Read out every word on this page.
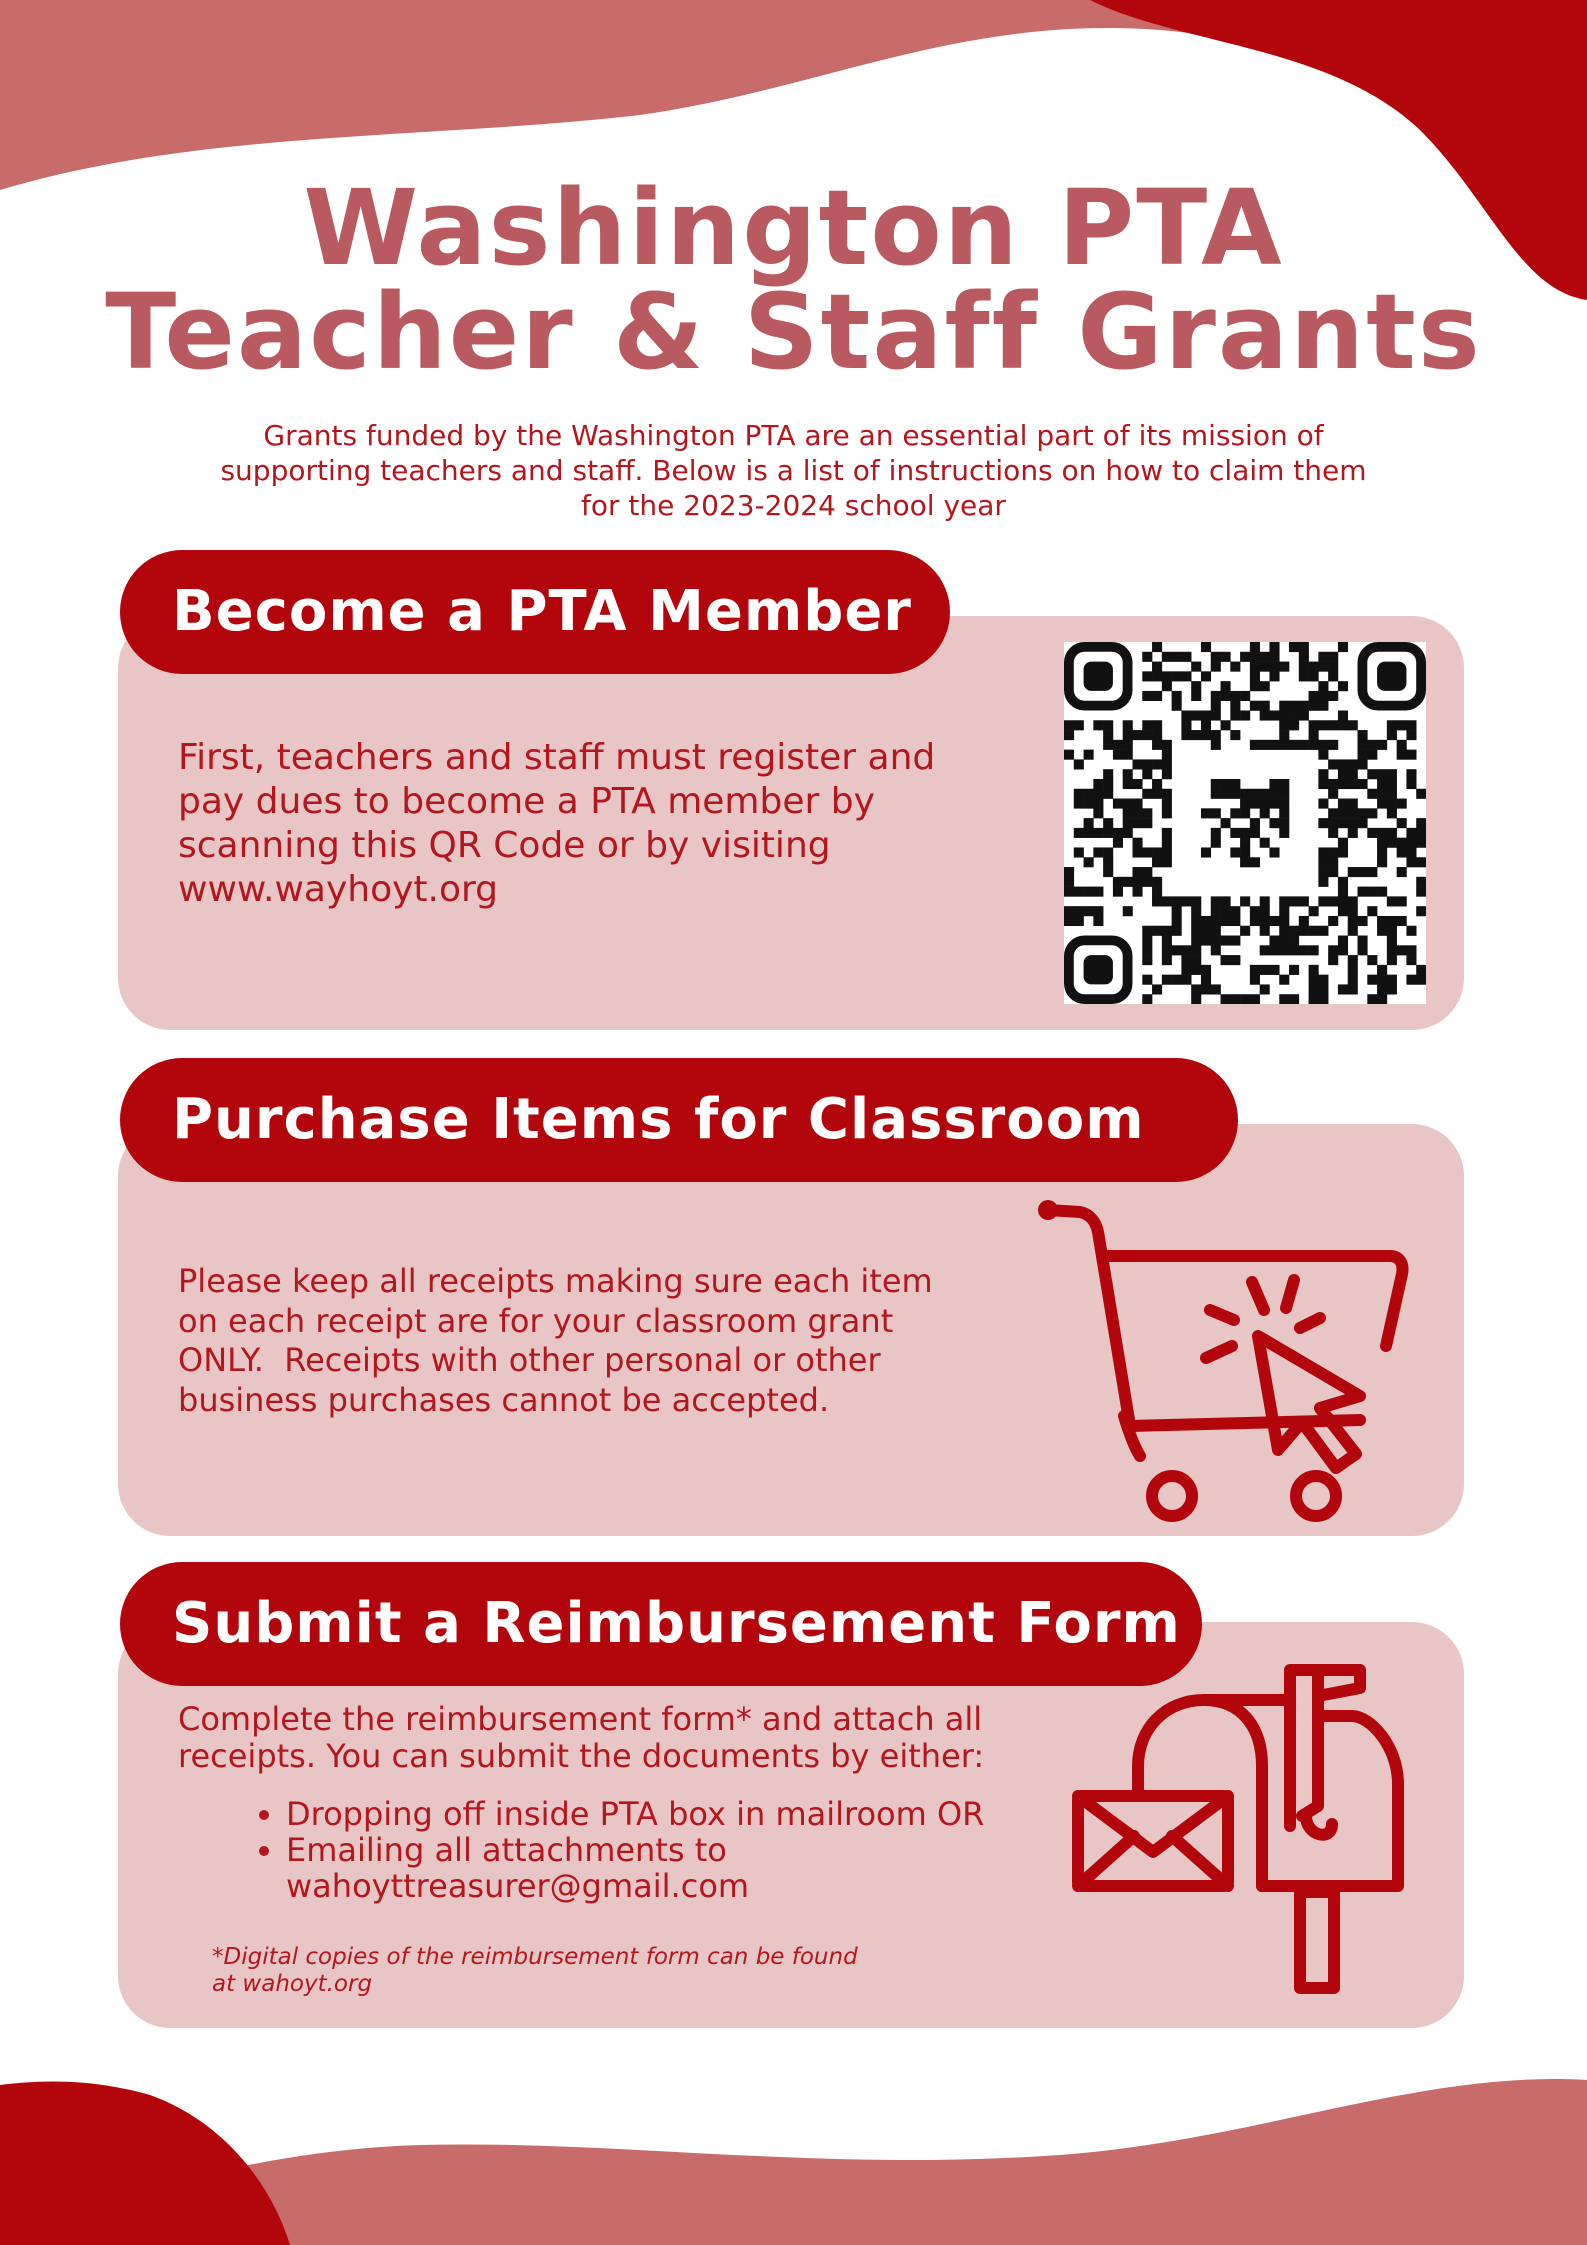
Washington PTA
Teacher & Staff Grants

Grants funded by the Washington PTA are an essential part of its mission of
supporting teachers and staff. Below is a list of instructions on how to claim them
for the 2023-2024 school year

Become a PTA Member
Purchase Items for Classroom
Submit a Reimbursement Form

First, teachers and staff must register and
pay dues to become a PTA member by
scanning this QR Code or by visiting
www.wayhoyt.org

Please keep all receipts making sure each item
on each receipt are for your classroom grant
ONLY.  Receipts with other personal or other
business purchases cannot be accepted.

Complete the reimbursement form* and attach all
receipts. You can submit the documents by either:

• Dropping off inside PTA box in mailroom OR
• Emailing all attachments to
wahoyttreasurer@gmail.com

*Digital copies of the reimbursement form can be found
at wahoyt.org
